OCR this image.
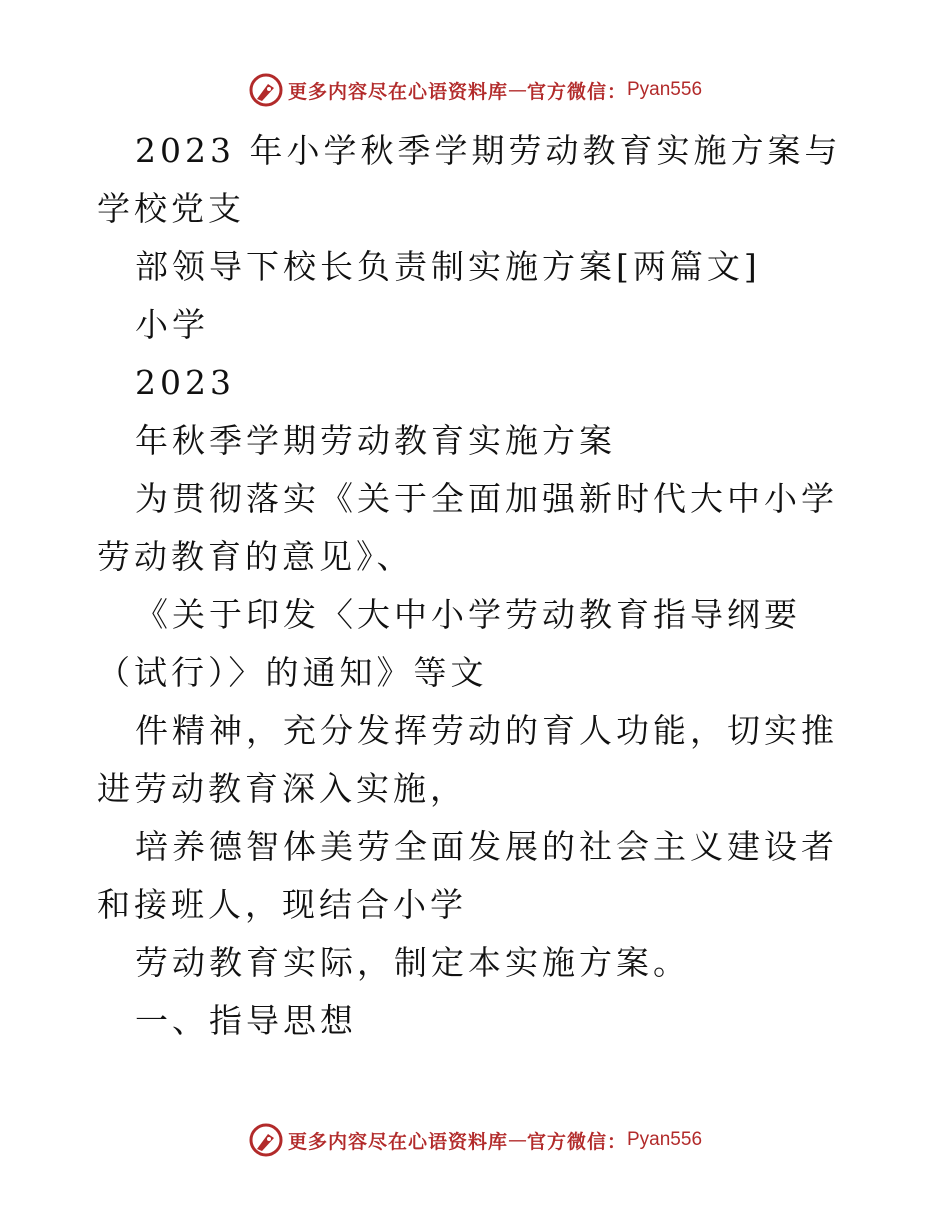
更多内容尽在心语资料库 — 官方微信： Pyan556

2023 年小学秋季学期劳动教育实施方案与学校党支

部领导下校长负责制实施方案[两篇文]

小学

2023

年秋季学期劳动教育实施方案

为贯彻落实《关于全面加强新时代大中小学劳动教育的意见》、

《关于印发〈大中小学劳动教育指导纲要（试行）〉的通知》等文

件精神，充分发挥劳动的育人功能，切实推进劳动教育深入实施，

培养德智体美劳全面发展的社会主义建设者和接班人，现结合小学

劳动教育实际，制定本实施方案。

一、指导思想

更多内容尽在心语资料库 — 官方微信： Pyan556
